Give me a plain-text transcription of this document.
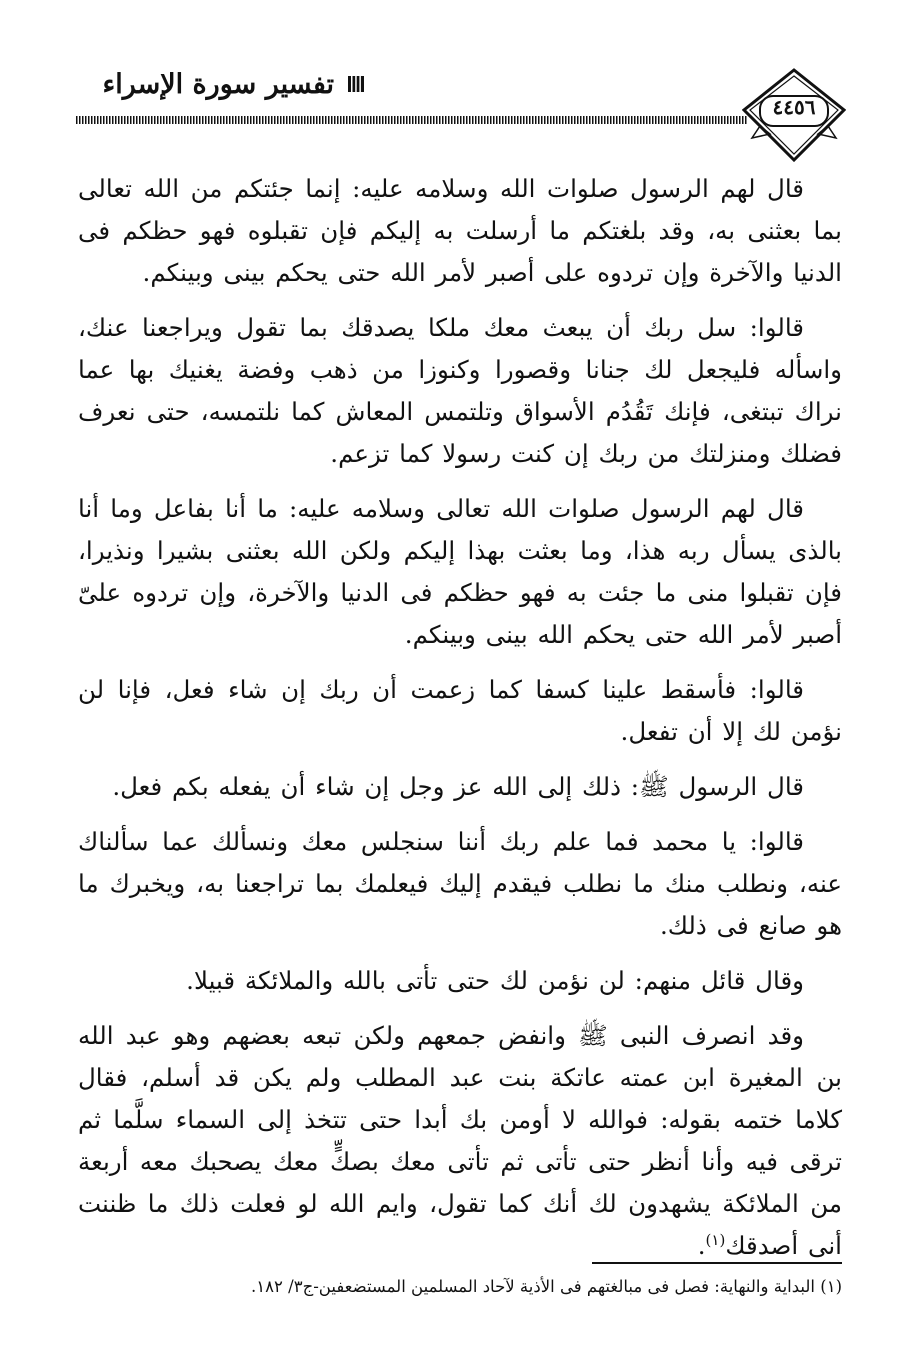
تفسير سورة الإسراء
٤٤٥٦

قال لهم الرسول صلوات الله وسلامه عليه: إنما جئتكم من الله تعالى بما بعثنى به، وقد بلغتكم ما أرسلت به إليكم فإن تقبلوه فهو حظكم فى الدنيا والآخرة وإن تردوه على أصبر لأمر الله حتى يحكم بينى وبينكم.

قالوا: سل ربك أن يبعث معك ملكا يصدقك بما تقول ويراجعنا عنك، واسأله فليجعل لك جنانا وقصورا وكنوزا من ذهب وفضة يغنيك بها عما نراك تبتغى، فإنك تَقُدُم الأسواق وتلتمس المعاش كما نلتمسه، حتى نعرف فضلك ومنزلتك من ربك إن كنت رسولا كما تزعم.

قال لهم الرسول صلوات الله تعالى وسلامه عليه: ما أنا بفاعل وما أنا بالذى يسأل ربه هذا، وما بعثت بهذا إليكم ولكن الله بعثنى بشيرا ونذيرا، فإن تقبلوا منى ما جئت به فهو حظكم فى الدنيا والآخرة، وإن تردوه علىّ أصبر لأمر الله حتى يحكم الله بينى وبينكم.

قالوا: فأسقط علينا كسفا كما زعمت أن ربك إن شاء فعل، فإنا لن نؤمن لك إلا أن تفعل.

قال الرسول ﷺ: ذلك إلى الله عز وجل إن شاء أن يفعله بكم فعل.

قالوا: يا محمد فما علم ربك أننا سنجلس معك ونسألك عما سألناك عنه، ونطلب منك ما نطلب فيقدم إليك فيعلمك بما تراجعنا به، ويخبرك ما هو صانع فى ذلك.

وقال قائل منهم: لن نؤمن لك حتى تأتى بالله والملائكة قبيلا.

وقد انصرف النبى ﷺ وانفض جمعهم ولكن تبعه بعضهم وهو عبد الله بن المغيرة ابن عمته عاتكة بنت عبد المطلب ولم يكن قد أسلم، فقال كلاما ختمه بقوله: فوالله لا أومن بك أبدا حتى تتخذ إلى السماء سلَّما ثم ترقى فيه وأنا أنظر حتى تأتى ثم تأتى معك بصكٍّ معك يصحبك معه أربعة من الملائكة يشهدون لك أنك كما تقول، وايم الله لو فعلت ذلك ما ظننت أنى أصدقك$^{(١)}$.

(١) البداية والنهاية: فصل فى مبالغتهم فى الأذية لآحاد المسلمين المستضعفين-ج٣/ ١٨٢.
